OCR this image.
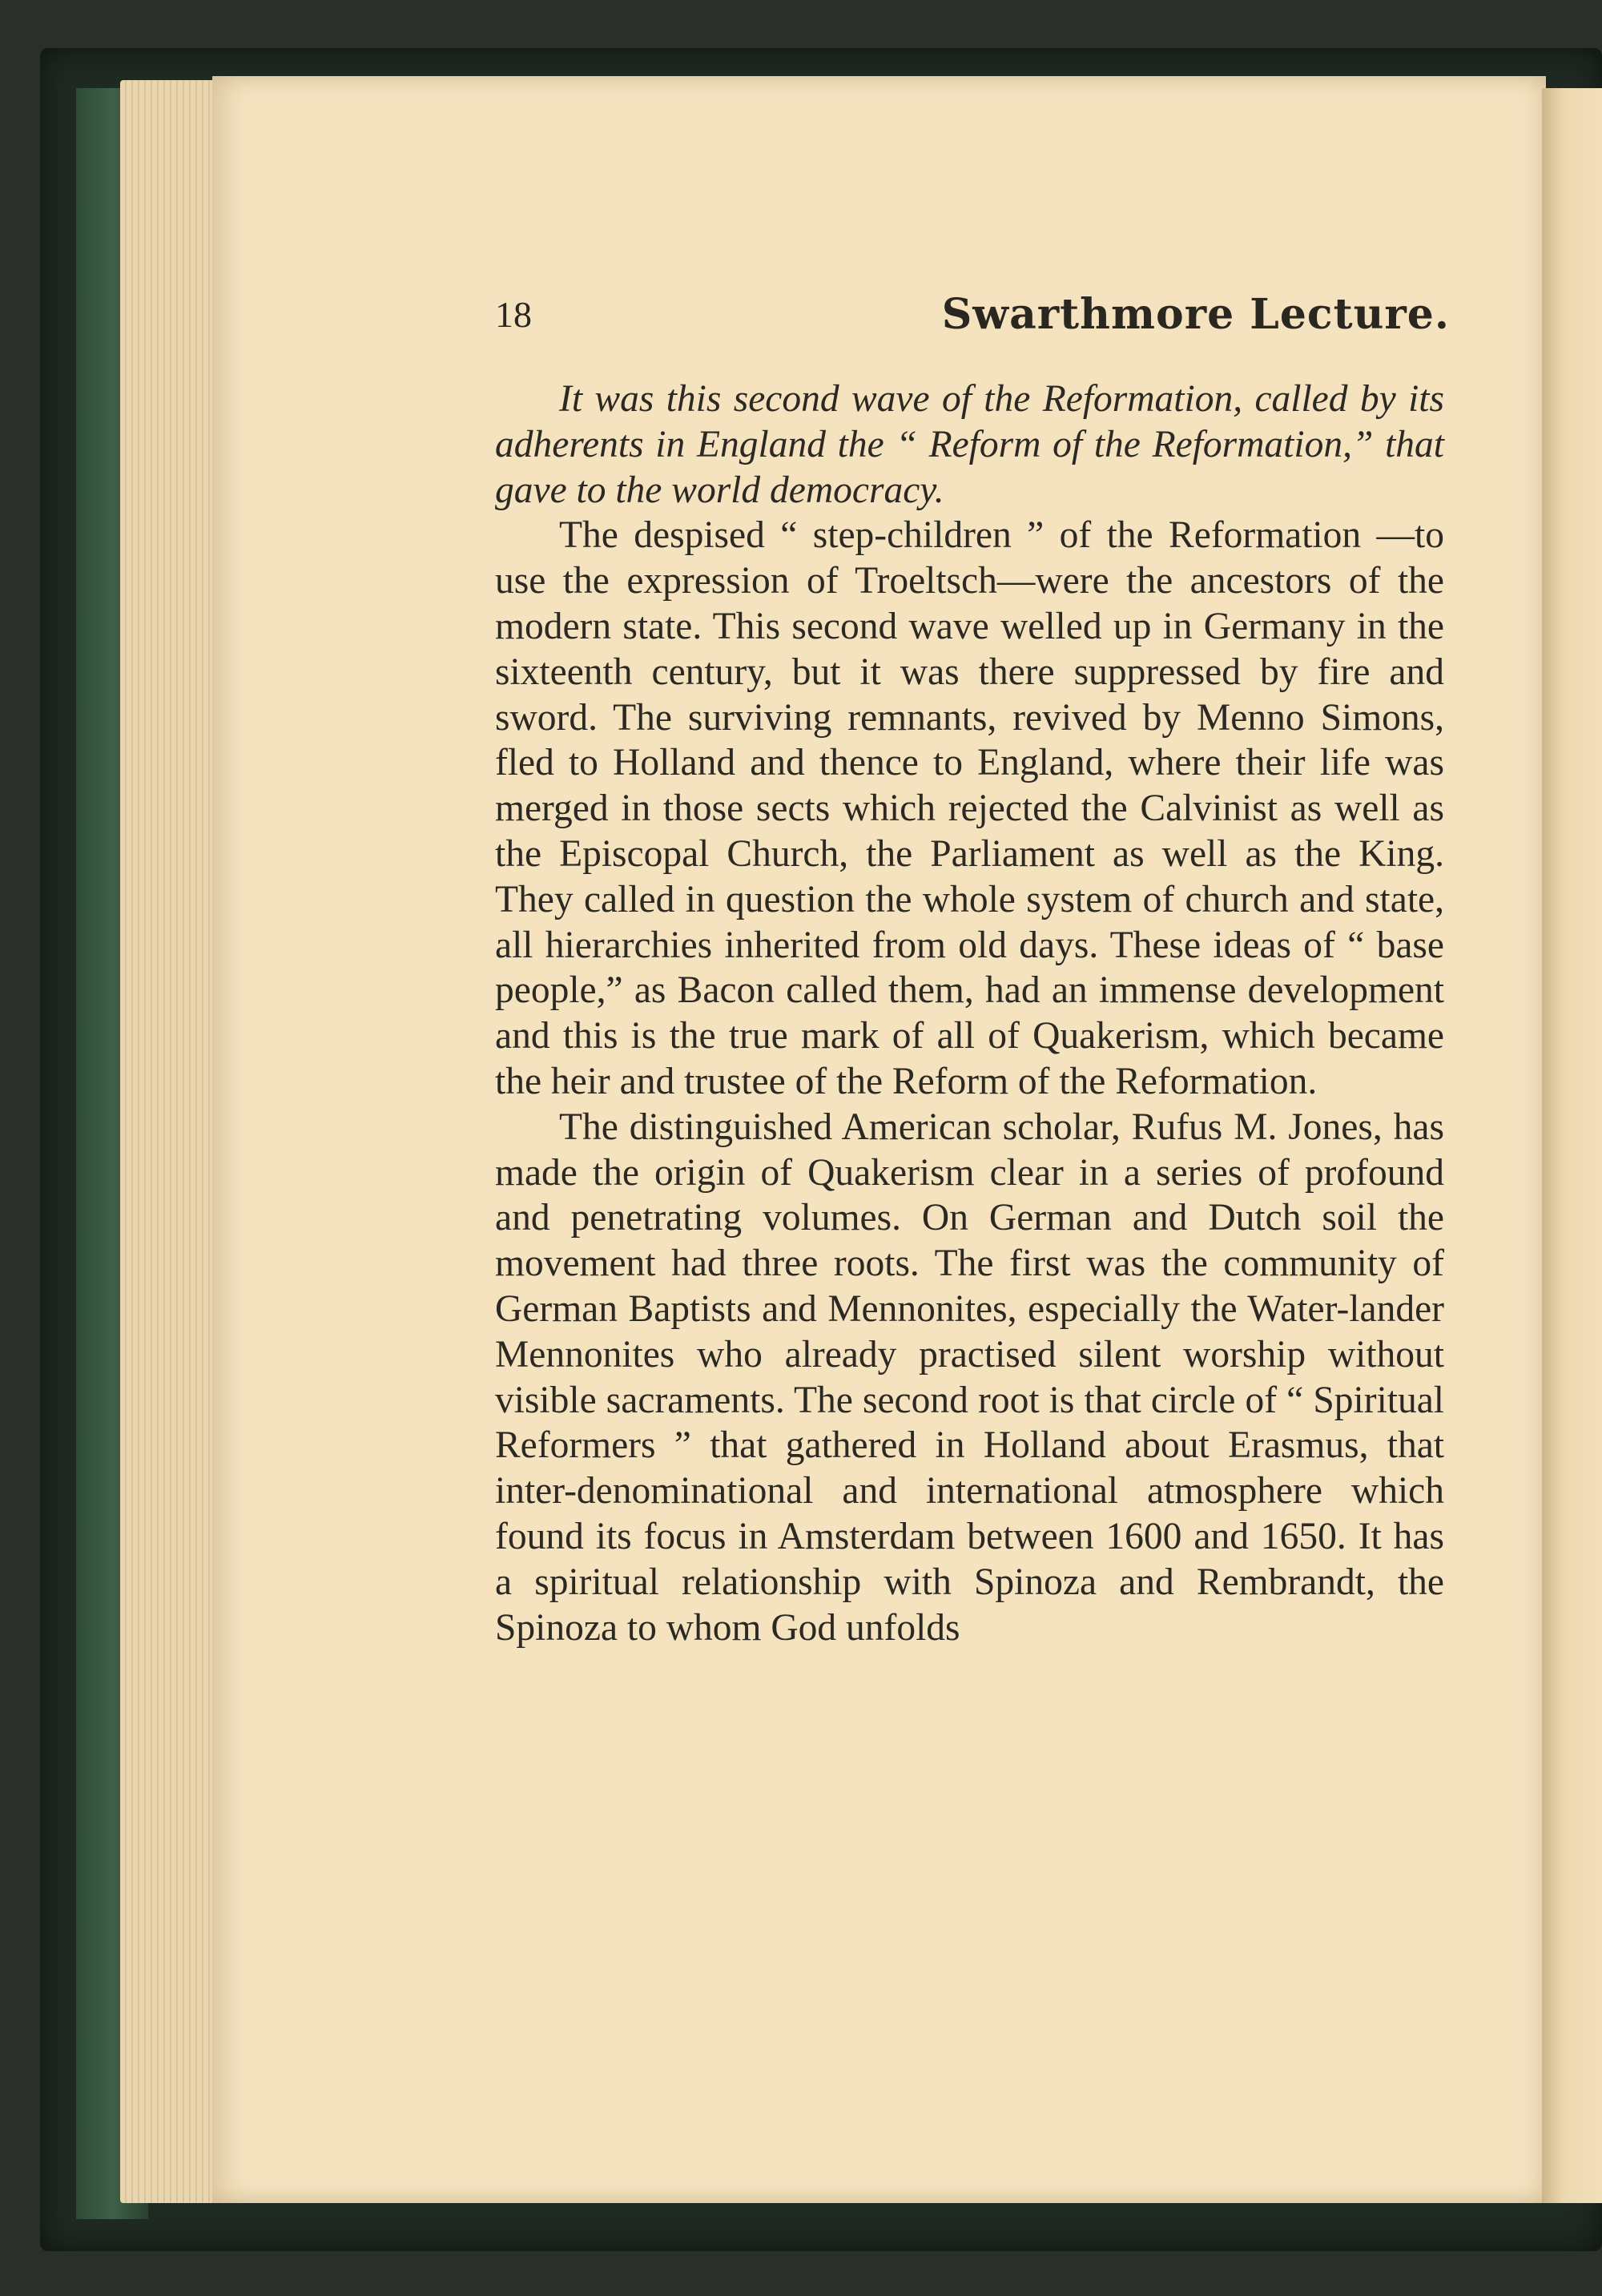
18	Swarthmore Lecture.

It was this second wave of the Reformation, called by its adherents in England the “ Reform of the Reformation,” that gave to the world democracy.

The despised “ step-children ” of the Reformation —to use the expression of Troeltsch—were the ancestors of the modern state. This second wave welled up in Germany in the sixteenth century, but it was there suppressed by fire and sword. The surviving remnants, revived by Menno Simons, fled to Holland and thence to England, where their life was merged in those sects which rejected the Calvinist as well as the Episcopal Church, the Parliament as well as the King. They called in question the whole system of church and state, all hierarchies inherited from old days. These ideas of “ base people,” as Bacon called them, had an immense development and this is the true mark of all of Quakerism, which became the heir and trustee of the Reform of the Reformation.

The distinguished American scholar, Rufus M. Jones, has made the origin of Quakerism clear in a series of profound and penetrating volumes. On German and Dutch soil the movement had three roots. The first was the community of German Baptists and Mennonites, especially the Water-lander Mennonites who already practised silent worship without visible sacraments. The second root is that circle of “ Spiritual Reformers ” that gathered in Holland about Erasmus, that inter-denominational and international atmosphere which found its focus in Amsterdam between 1600 and 1650. It has a spiritual relationship with Spinoza and Rembrandt, the Spinoza to whom God unfolds
